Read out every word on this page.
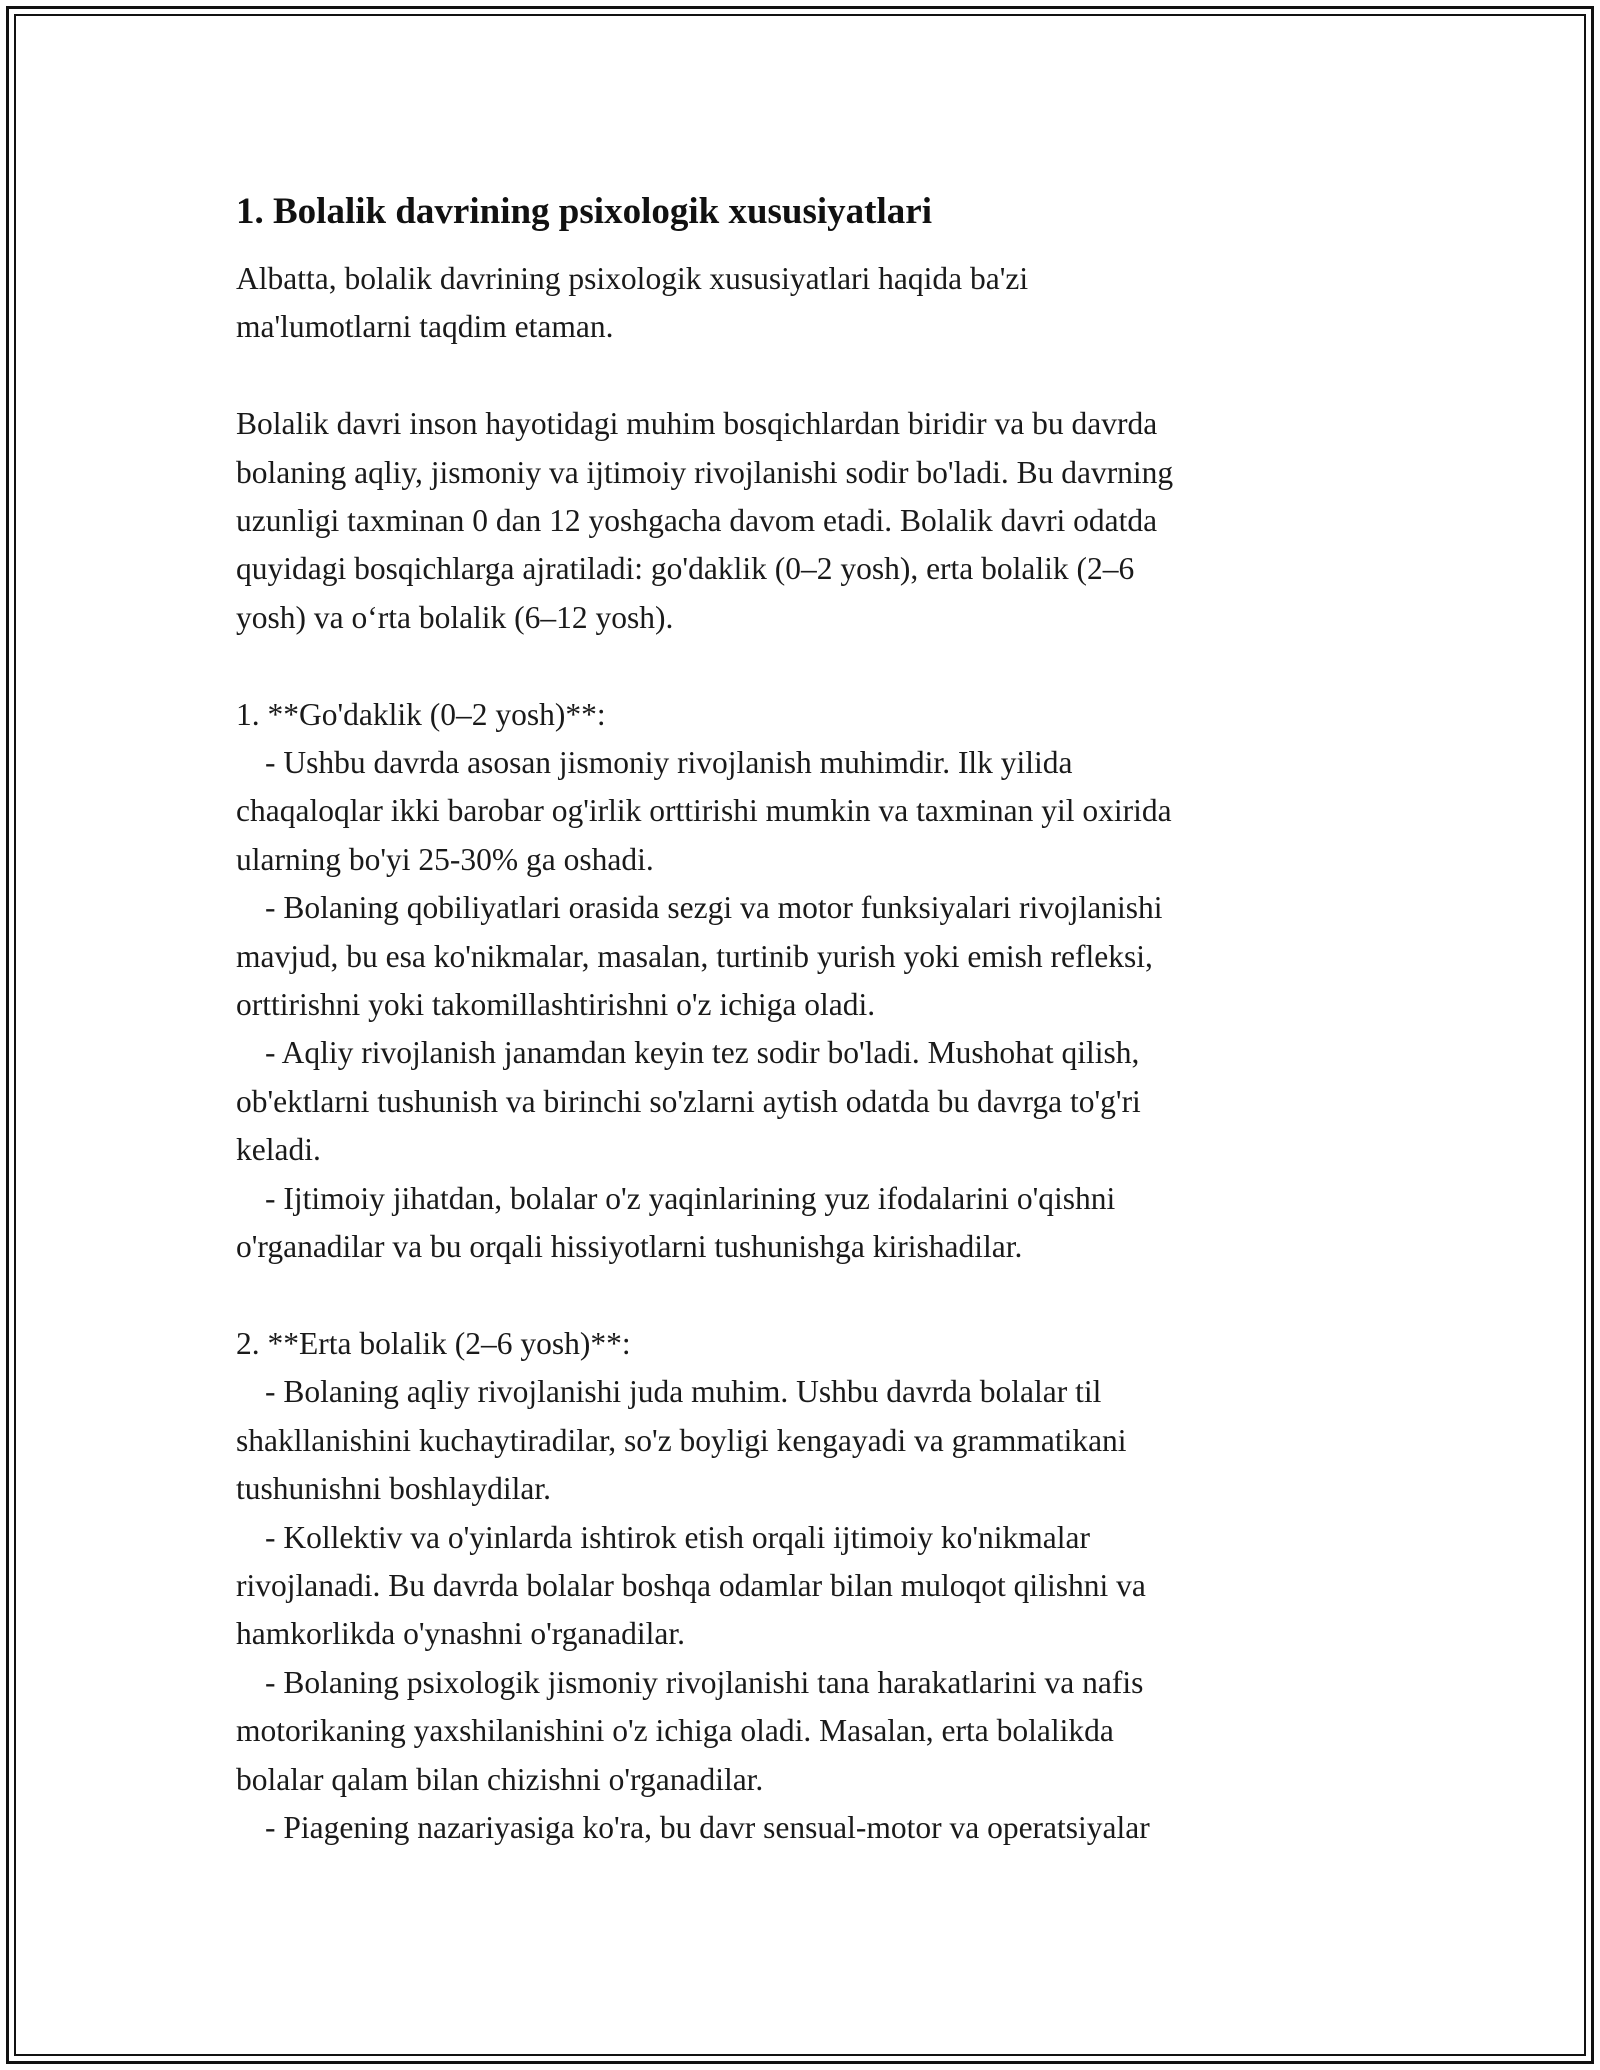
1. Bolalik davrining psixologik xususiyatlari
Albatta, bolalik davrining psixologik xususiyatlari haqida ba'zi
ma'lumotlarni taqdim etaman.
Bolalik davri inson hayotidagi muhim bosqichlardan biridir va bu davrda
bolaning aqliy, jismoniy va ijtimoiy rivojlanishi sodir bo'ladi. Bu davrning
uzunligi taxminan 0 dan 12 yoshgacha davom etadi. Bolalik davri odatda
quyidagi bosqichlarga ajratiladi: go'daklik (0–2 yosh), erta bolalik (2–6
yosh) va oʻrta bolalik (6–12 yosh).
1. **Go'daklik (0–2 yosh)**:
- Ushbu davrda asosan jismoniy rivojlanish muhimdir. Ilk yilida
chaqaloqlar ikki barobar og'irlik orttirishi mumkin va taxminan yil oxirida
ularning bo'yi 25-30% ga oshadi.
- Bolaning qobiliyatlari orasida sezgi va motor funksiyalari rivojlanishi
mavjud, bu esa ko'nikmalar, masalan, turtinib yurish yoki emish refleksi,
orttirishni yoki takomillashtirishni o'z ichiga oladi.
- Aqliy rivojlanish janamdan keyin tez sodir bo'ladi. Mushohat qilish,
ob'ektlarni tushunish va birinchi so'zlarni aytish odatda bu davrga to'g'ri
keladi.
- Ijtimoiy jihatdan, bolalar o'z yaqinlarining yuz ifodalarini o'qishni
o'rganadilar va bu orqali hissiyotlarni tushunishga kirishadilar.
2. **Erta bolalik (2–6 yosh)**:
- Bolaning aqliy rivojlanishi juda muhim. Ushbu davrda bolalar til
shakllanishini kuchaytiradilar, so'z boyligi kengayadi va grammatikani
tushunishni boshlaydilar.
- Kollektiv va o'yinlarda ishtirok etish orqali ijtimoiy ko'nikmalar
rivojlanadi. Bu davrda bolalar boshqa odamlar bilan muloqot qilishni va
hamkorlikda o'ynashni o'rganadilar.
- Bolaning psixologik jismoniy rivojlanishi tana harakatlarini va nafis
motorikaning yaxshilanishini o'z ichiga oladi. Masalan, erta bolalikda
bolalar qalam bilan chizishni o'rganadilar.
- Piagening nazariyasiga ko'ra, bu davr sensual-motor va operatsiyalar
